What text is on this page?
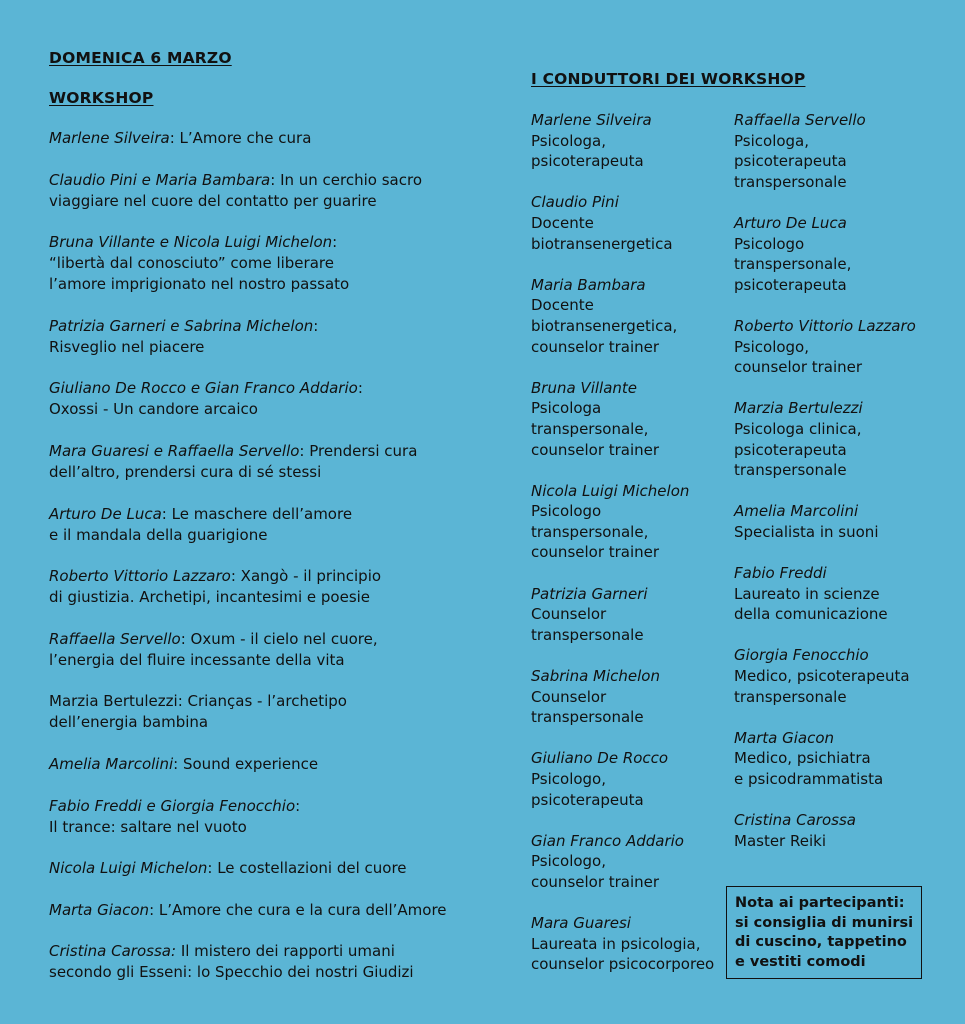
DOMENICA 6 MARZO
WORKSHOP
Marlene Silveira: L’Amore che cura
Claudio Pini e Maria Bambara: In un cerchio sacro
viaggiare nel cuore del contatto per guarire
Bruna Villante e Nicola Luigi Michelon:
“libertà dal conosciuto” come liberare
l’amore imprigionato nel nostro passato
Patrizia Garneri e Sabrina Michelon:
Risveglio nel piacere
Giuliano De Rocco e Gian Franco Addario:
Oxossi - Un candore arcaico
Mara Guaresi e Raffaella Servello: Prendersi cura
dell’altro, prendersi cura di sé stessi
Arturo De Luca: Le maschere dell’amore
e il mandala della guarigione
Roberto Vittorio Lazzaro: Xangò - il principio
di giustizia. Archetipi, incantesimi e poesie
Raffaella Servello: Oxum - il cielo nel cuore,
l’energia del fluire incessante della vita
Marzia Bertulezzi: Crianças - l’archetipo
dell’energia bambina
Amelia Marcolini: Sound experience
Fabio Freddi e Giorgia Fenocchio:
Il trance: saltare nel vuoto
Nicola Luigi Michelon: Le costellazioni del cuore
Marta Giacon: L’Amore che cura e la cura dell’Amore
Cristina Carossa: Il mistero dei rapporti umani
secondo gli Esseni: lo Specchio dei nostri Giudizi
I CONDUTTORI DEI WORKSHOP
Marlene Silveira
Psicologa,
psicoterapeuta
Claudio Pini
Docente
biotransenergetica
Maria Bambara
Docente
biotransenergetica,
counselor trainer
Bruna Villante
Psicologa
transpersonale,
counselor trainer
Nicola Luigi Michelon
Psicologo
transpersonale,
counselor trainer
Patrizia Garneri
Counselor
transpersonale
Sabrina Michelon
Counselor
transpersonale
Giuliano De Rocco
Psicologo,
psicoterapeuta
Gian Franco Addario
Psicologo,
counselor trainer
Mara Guaresi
Laureata in psicologia,
counselor psicocorporeo
Raffaella Servello
Psicologa,
psicoterapeuta
transpersonale
Arturo De Luca
Psicologo
transpersonale,
psicoterapeuta
Roberto Vittorio Lazzaro
Psicologo,
counselor trainer
Marzia Bertulezzi
Psicologa clinica,
psicoterapeuta
transpersonale
Amelia Marcolini
Specialista in suoni
Fabio Freddi
Laureato in scienze
della comunicazione
Giorgia Fenocchio
Medico, psicoterapeuta
transpersonale
Marta Giacon
Medico, psichiatra
e psicodrammatista
Cristina Carossa
Master Reiki
Nota ai partecipanti:
si consiglia di munirsi
di cuscino, tappetino
e vestiti comodi
